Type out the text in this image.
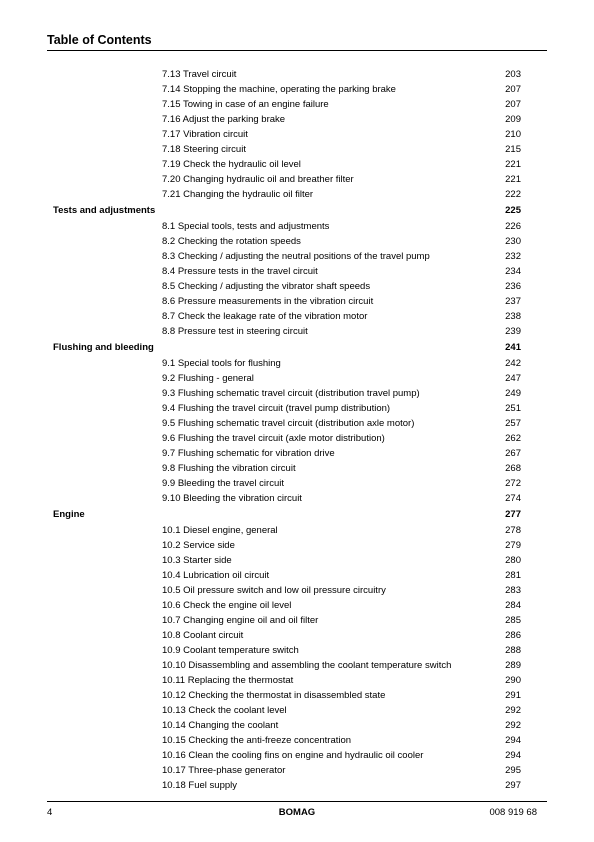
Table of Contents
7.13 Travel circuit	203
7.14 Stopping the machine, operating the parking brake	207
7.15 Towing in case of an engine failure	207
7.16 Adjust the parking brake	209
7.17 Vibration circuit	210
7.18 Steering circuit	215
7.19 Check the hydraulic oil level	221
7.20 Changing hydraulic oil and breather filter	221
7.21 Changing the hydraulic oil filter	222
Tests and adjustments	225
8.1 Special tools, tests and adjustments	226
8.2 Checking the rotation speeds	230
8.3 Checking / adjusting the neutral positions of the travel pump	232
8.4 Pressure tests in the travel circuit	234
8.5 Checking / adjusting the vibrator shaft speeds	236
8.6 Pressure measurements in the vibration circuit	237
8.7 Check the leakage rate of the vibration motor	238
8.8 Pressure test in steering circuit	239
Flushing and bleeding	241
9.1 Special tools for flushing	242
9.2 Flushing - general	247
9.3 Flushing schematic travel circuit (distribution travel pump)	249
9.4 Flushing the travel circuit (travel pump distribution)	251
9.5 Flushing schematic travel circuit (distribution axle motor)	257
9.6 Flushing the travel circuit (axle motor distribution)	262
9.7 Flushing schematic for vibration drive	267
9.8 Flushing the vibration circuit	268
9.9 Bleeding the travel circuit	272
9.10 Bleeding the vibration circuit	274
Engine	277
10.1 Diesel engine, general	278
10.2 Service side	279
10.3 Starter side	280
10.4 Lubrication oil circuit	281
10.5 Oil pressure switch and low oil pressure circuitry	283
10.6 Check the engine oil level	284
10.7 Changing engine oil and oil filter	285
10.8 Coolant circuit	286
10.9 Coolant temperature switch	288
10.10 Disassembling and assembling the coolant temperature switch	289
10.11 Replacing the thermostat	290
10.12 Checking the thermostat in disassembled state	291
10.13 Check the coolant level	292
10.14 Changing the coolant	292
10.15 Checking the anti-freeze concentration	294
10.16 Clean the cooling fins on engine and hydraulic oil cooler	294
10.17 Three-phase generator	295
10.18 Fuel supply	297
4	BOMAG	008 919 68
